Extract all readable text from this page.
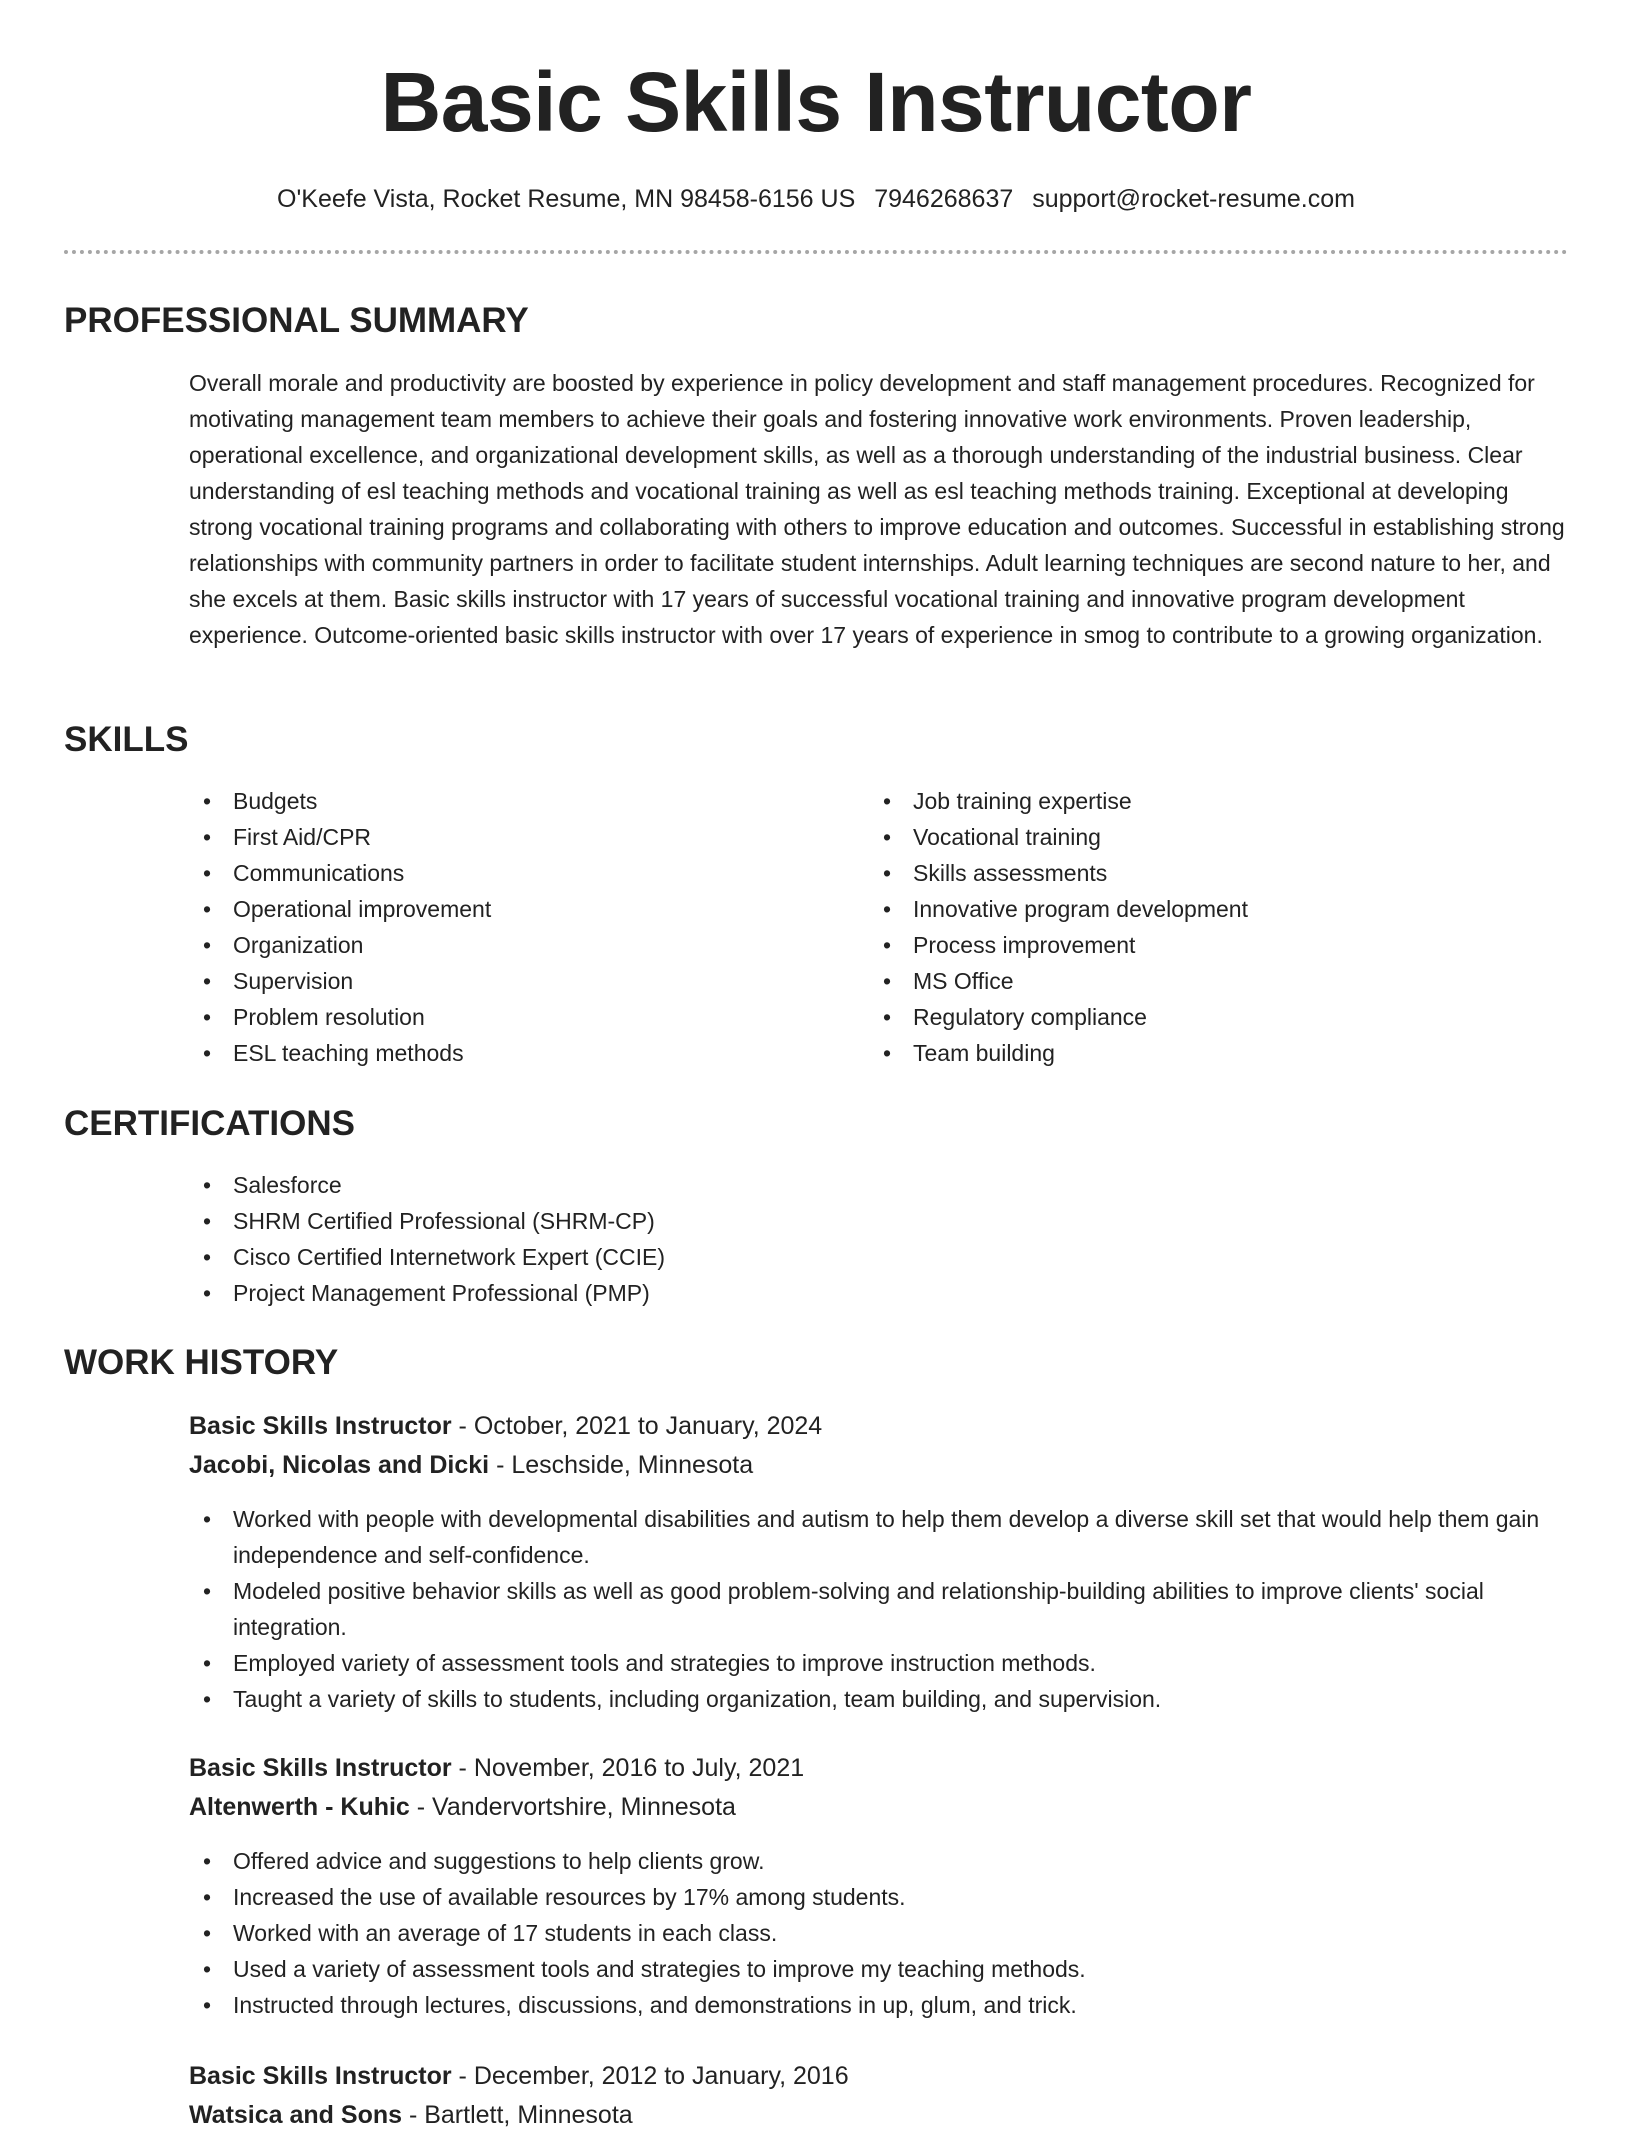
Basic Skills Instructor
O'Keefe Vista, Rocket Resume, MN 98458-6156 US 7946268637 support@rocket-resume.com
PROFESSIONAL SUMMARY

Overall morale and productivity are boosted by experience in policy development and staff management procedures. Recognized for motivating management team members to achieve their goals and fostering innovative work environments. Proven leadership, operational excellence, and organizational development skills, as well as a thorough understanding of the industrial business. Clear understanding of esl teaching methods and vocational training as well as esl teaching methods training. Exceptional at developing strong vocational training programs and collaborating with others to improve education and outcomes. Successful in establishing strong relationships with community partners in order to facilitate student internships. Adult learning techniques are second nature to her, and she excels at them. Basic skills instructor with 17 years of successful vocational training and innovative program development experience. Outcome-oriented basic skills instructor with over 17 years of experience in smog to contribute to a growing organization.

SKILLS
• Budgets
• First Aid/CPR
• Communications
• Operational improvement
• Organization
• Supervision
• Problem resolution
• ESL teaching methods
• Job training expertise
• Vocational training
• Skills assessments
• Innovative program development
• Process improvement
• MS Office
• Regulatory compliance
• Team building
CERTIFICATIONS
• Salesforce
• SHRM Certified Professional (SHRM-CP)
• Cisco Certified Internetwork Expert (CCIE)
• Project Management Professional (PMP)
WORK HISTORY
Basic Skills Instructor - October, 2021 to January, 2024
Jacobi, Nicolas and Dicki - Leschside, Minnesota
• Worked with people with developmental disabilities and autism to help them develop a diverse skill set that would help them gain independence and self-confidence.
• Modeled positive behavior skills as well as good problem-solving and relationship-building abilities to improve clients' social integration.
• Employed variety of assessment tools and strategies to improve instruction methods.
• Taught a variety of skills to students, including organization, team building, and supervision.
Basic Skills Instructor - November, 2016 to July, 2021
Altenwerth - Kuhic - Vandervortshire, Minnesota
• Offered advice and suggestions to help clients grow.
• Increased the use of available resources by 17% among students.
• Worked with an average of 17 students in each class.
• Used a variety of assessment tools and strategies to improve my teaching methods.
• Instructed through lectures, discussions, and demonstrations in up, glum, and trick.
Basic Skills Instructor - December, 2012 to January, 2016
Watsica and Sons - Bartlett, Minnesota
